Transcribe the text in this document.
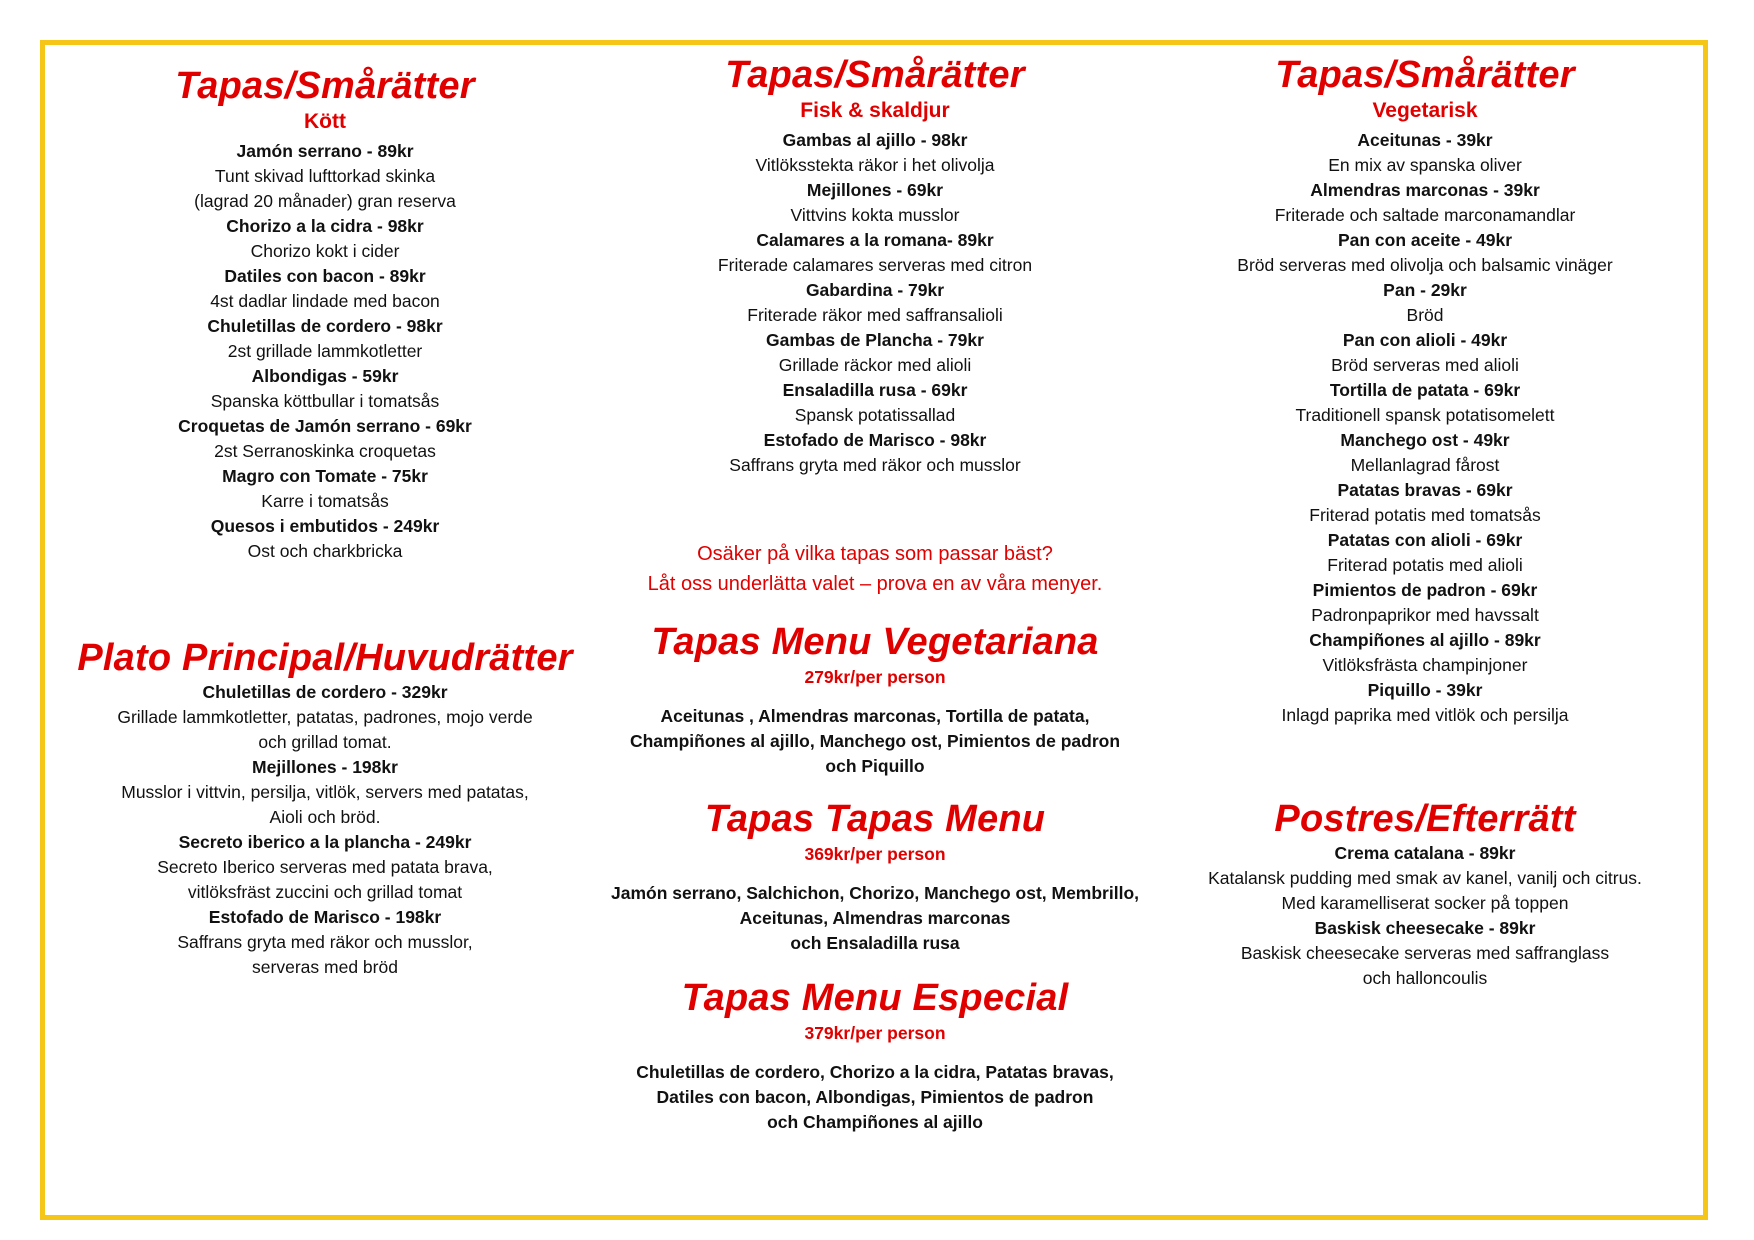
Tapas/Smårätter
Kött
Jamón serrano - 89kr
Tunt skivad lufttorkad skinka
(lagrad 20 månader) gran reserva
Chorizo a la cidra - 98kr
Chorizo kokt i cider
Datiles con bacon - 89kr
4st dadlar lindade med bacon
Chuletillas de cordero - 98kr
2st grillade lammkotletter
Albondigas - 59kr
Spanska köttbullar i tomatsås
Croquetas de Jamón serrano - 69kr
2st Serranoskinka croquetas
Magro con Tomate - 75kr
Karre i tomatsås
Quesos i embutidos - 249kr
Ost och charkbricka
Plato Principal/Huvudrätter
Chuletillas de cordero - 329kr
Grillade lammkotletter, patatas, padrones, mojo verde
och grillad tomat.
Mejillones - 198kr
Musslor i vittvin, persilja, vitlök, servers med patatas,
Aioli och bröd.
Secreto iberico a la plancha - 249kr
Secreto Iberico serveras med patata brava,
vitlöksfräst zuccini och grillad tomat
Estofado de Marisco - 198kr
Saffrans gryta med räkor och musslor,
serveras med bröd
Tapas/Smårätter
Fisk & skaldjur
Gambas al ajillo - 98kr
Vitlöksstekta räkor i het olivolja
Mejillones - 69kr
Vittvins kokta musslor
Calamares a la romana- 89kr
Friterade calamares serveras med citron
Gabardina - 79kr
Friterade räkor med saffransalioli
Gambas de Plancha - 79kr
Grillade räckor med alioli
Ensaladilla rusa - 69kr
Spansk potatissallad
Estofado de Marisco - 98kr
Saffrans gryta med räkor och musslor
Osäker på vilka tapas som passar bäst?
Låt oss underlätta valet – prova en av våra menyer.
Tapas Menu Vegetariana
279kr/per person
Aceitunas , Almendras marconas, Tortilla de patata,
Champiñones al ajillo, Manchego ost, Pimientos de padron
och Piquillo
Tapas Tapas Menu
369kr/per person
Jamón serrano, Salchichon, Chorizo, Manchego ost, Membrillo,
Aceitunas, Almendras marconas
och Ensaladilla rusa
Tapas Menu Especial
379kr/per person
Chuletillas de cordero, Chorizo a la cidra, Patatas bravas,
Datiles con bacon, Albondigas, Pimientos de padron
och Champiñones al ajillo
Tapas/Smårätter
Vegetarisk
Aceitunas - 39kr
En mix av spanska oliver
Almendras marconas - 39kr
Friterade och saltade marconamandlar
Pan con aceite - 49kr
Bröd serveras med olivolja och balsamic vinäger
Pan - 29kr
Bröd
Pan con alioli - 49kr
Bröd serveras med alioli
Tortilla de patata - 69kr
Traditionell spansk potatisomelett
Manchego ost - 49kr
Mellanlagrad fårost
Patatas bravas - 69kr
Friterad potatis med tomatsås
Patatas con alioli - 69kr
Friterad potatis med alioli
Pimientos de padron - 69kr
Padronpaprikor med havssalt
Champiñones al ajillo - 89kr
Vitlöksfrästa champinjoner
Piquillo - 39kr
Inlagd paprika med vitlök och persilja
Postres/Efterrätt
Crema catalana - 89kr
Katalansk pudding med smak av kanel, vanilj och citrus.
Med karamelliserat socker på toppen
Baskisk cheesecake - 89kr
Baskisk cheesecake serveras med saffranglass
och halloncoulis
